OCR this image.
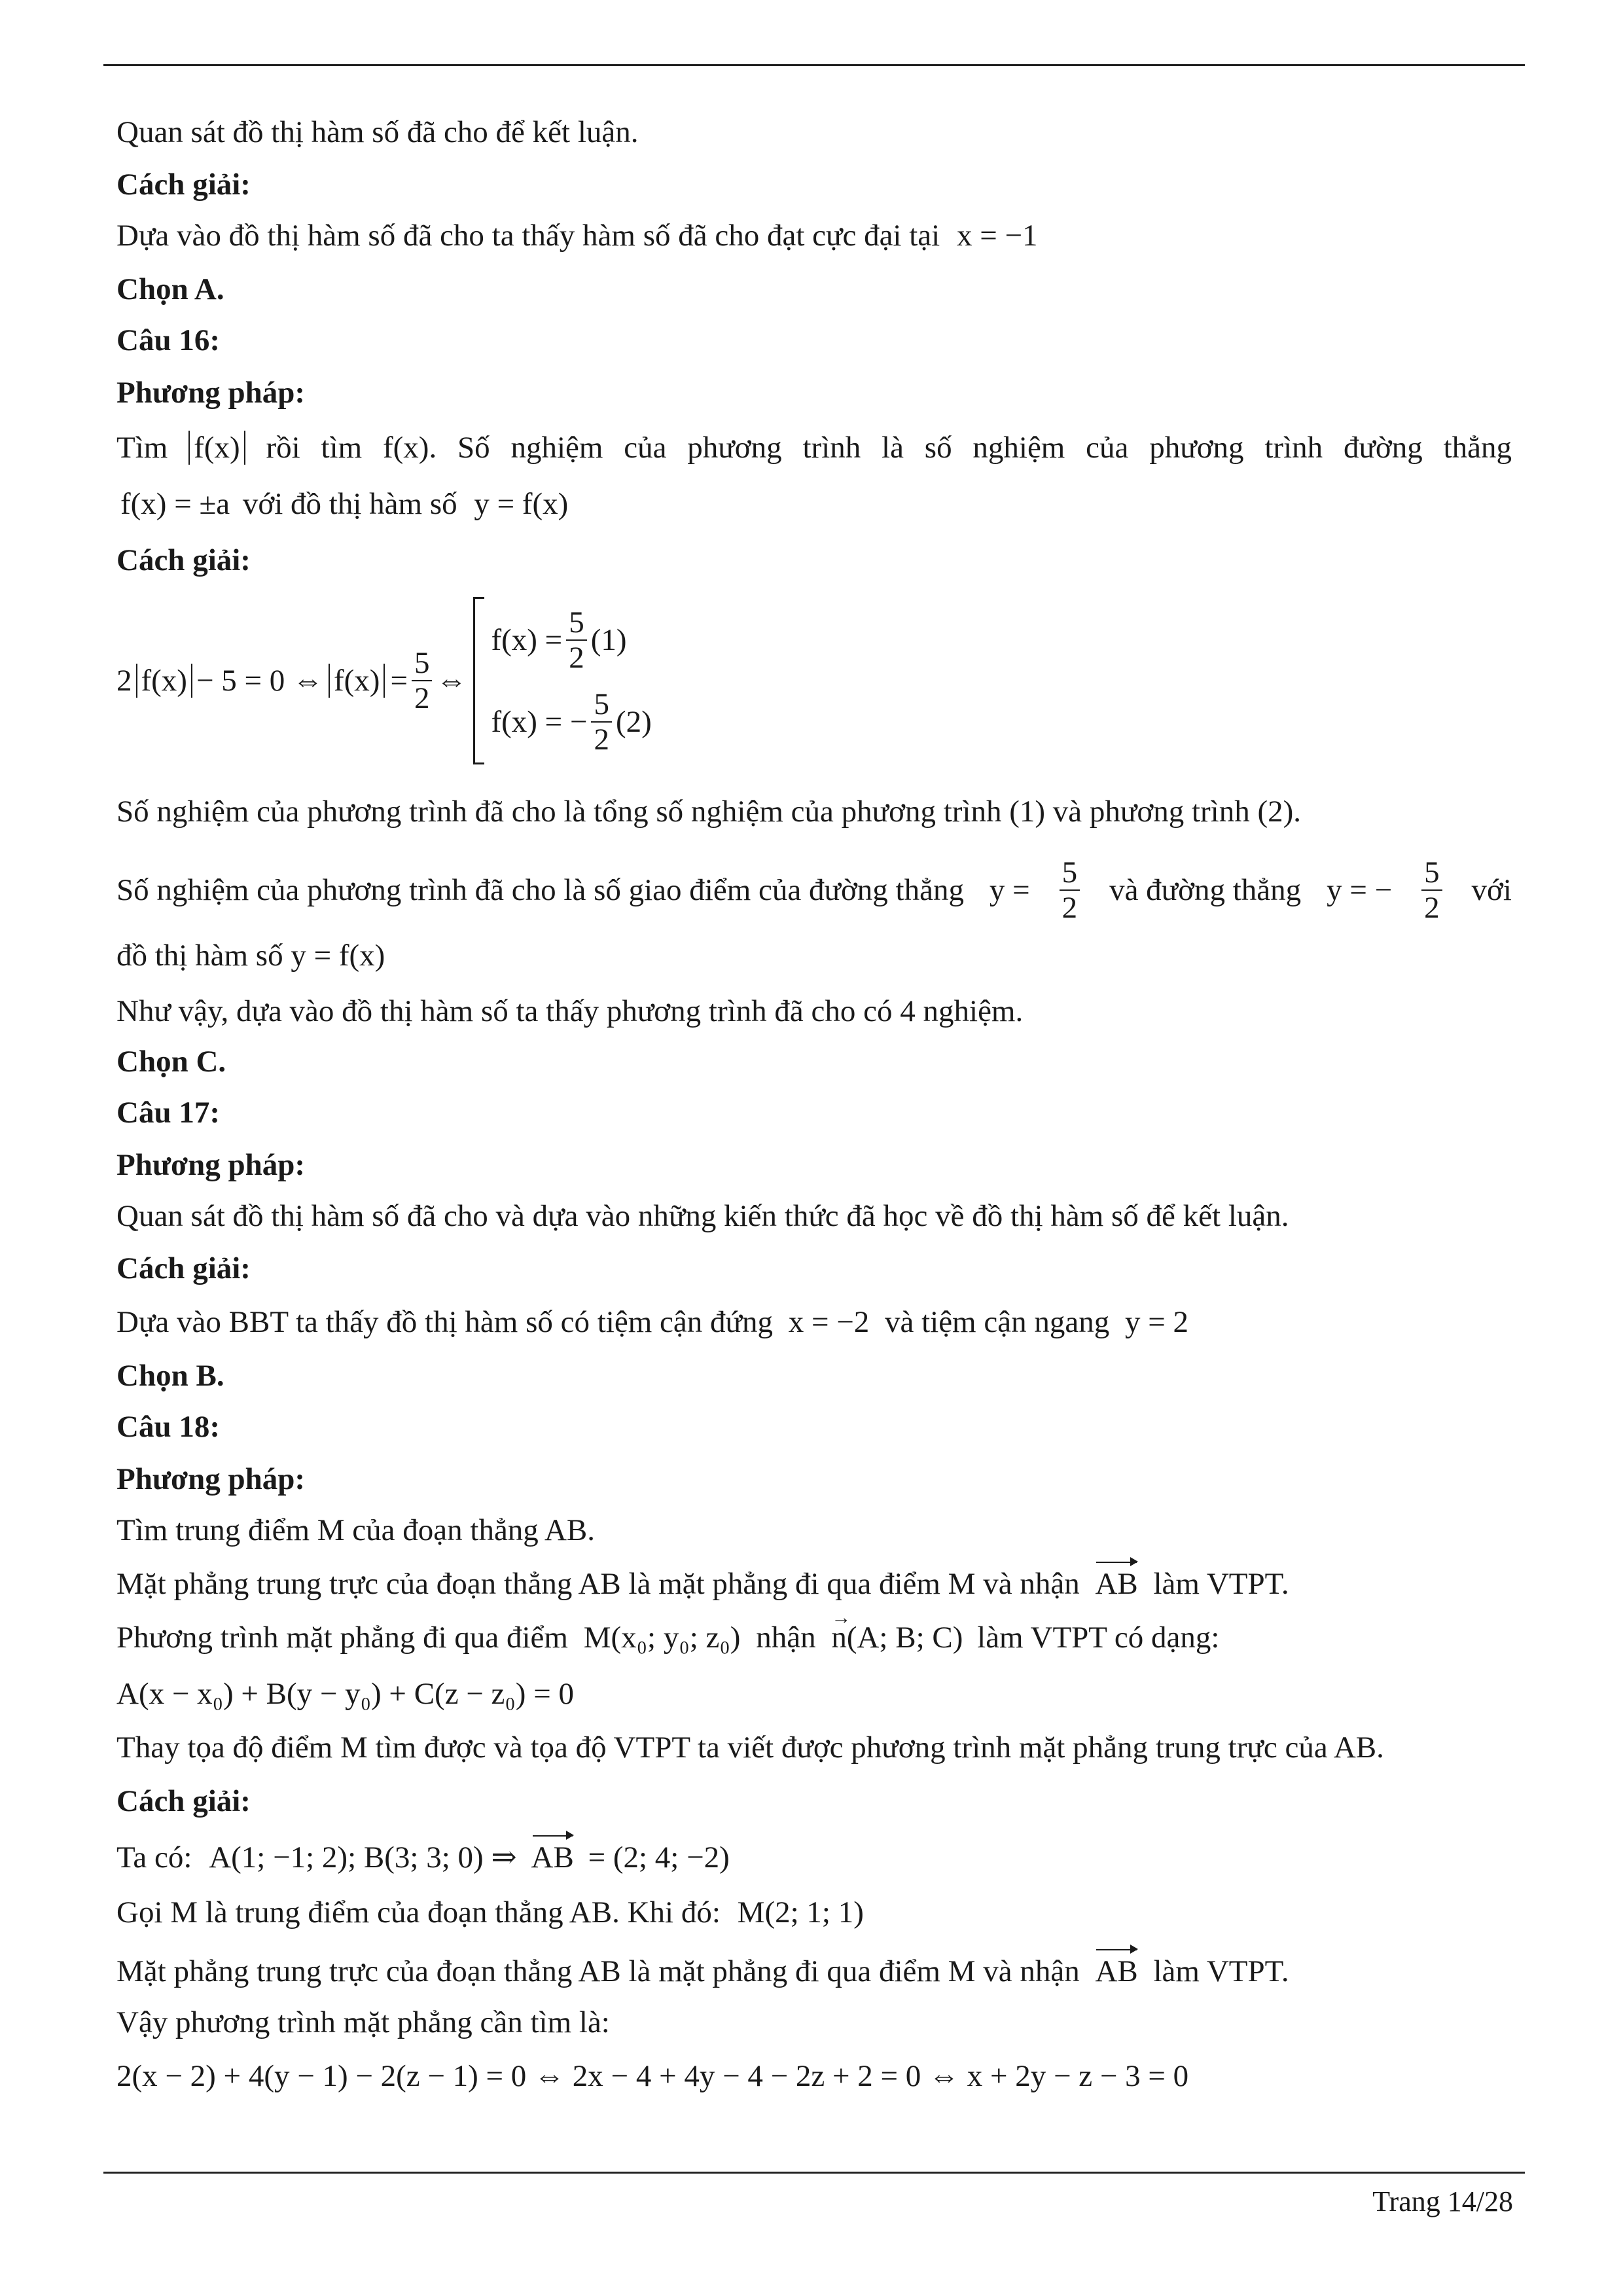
Quan sát đồ thị hàm số đã cho để kết luận.
Cách giải:
Dựa vào đồ thị hàm số đã cho ta thấy hàm số đã cho đạt cực đại tại x = −1
Chọn A.
Câu 16:
Phương pháp:
Tìm f(x) rồi tìm f(x). Số nghiệm của phương trình là số nghiệm của phương trình đường thẳng
f(x) = ±a với đồ thị hàm số y = f(x)
Cách giải:
2 f(x) − 5 = 0 ⇔ $f(x) = \frac{5}{2}$ ⇔
$f(x) = \frac{5}{2} (1)$
f(x) = − $\frac{5}{2} (2)$
Số nghiệm của phương trình đã cho là tổng số nghiệm của phương trình (1) và phương trình (2).
Số nghiệm của phương trình đã cho là số giao điểm của đường thẳng $y = \frac{5}{2}$ và đường thẳng y = − $\frac{5}{2}$ với
đồ thị hàm số y = f(x)
Như vậy, dựa vào đồ thị hàm số ta thấy phương trình đã cho có 4 nghiệm.
Chọn C.
Câu 17:
Phương pháp:
Quan sát đồ thị hàm số đã cho và dựa vào những kiến thức đã học về đồ thị hàm số để kết luận.
Cách giải:
Dựa vào BBT ta thấy đồ thị hàm số có tiệm cận đứng x = −2 và tiệm cận ngang y = 2
Chọn B.
Câu 18:
Phương pháp:
Tìm trung điểm M của đoạn thẳng AB.
Mặt phẳng trung trực của đoạn thẳng AB là mặt phẳng đi qua điểm M và nhận AB làm VTPT.
Phương trình mặt phẳng đi qua điểm M(x₀; y₀; z₀) nhận → n(A; B; C) làm VTPT có dạng:
A(x − x₀) + B(y − y₀) + C(z − z₀) = 0
Thay tọa độ điểm M tìm được và tọa độ VTPT ta viết được phương trình mặt phẳng trung trực của AB.
Cách giải:
Ta có: A(1; −1; 2); B(3; 3; 0) ⇒ AB = (2; 4; −2)
Gọi M là trung điểm của đoạn thẳng AB. Khi đó: M(2; 1; 1)
Mặt phẳng trung trực của đoạn thẳng AB là mặt phẳng đi qua điểm M và nhận AB làm VTPT.
Vậy phương trình mặt phẳng cần tìm là:
2(x − 2) + 4(y − 1) − 2(z − 1) = 0 ⇔ 2x − 4 + 4y − 4 − 2z + 2 = 0 ⇔ x + 2y − z − 3 = 0
Trang 14/28
